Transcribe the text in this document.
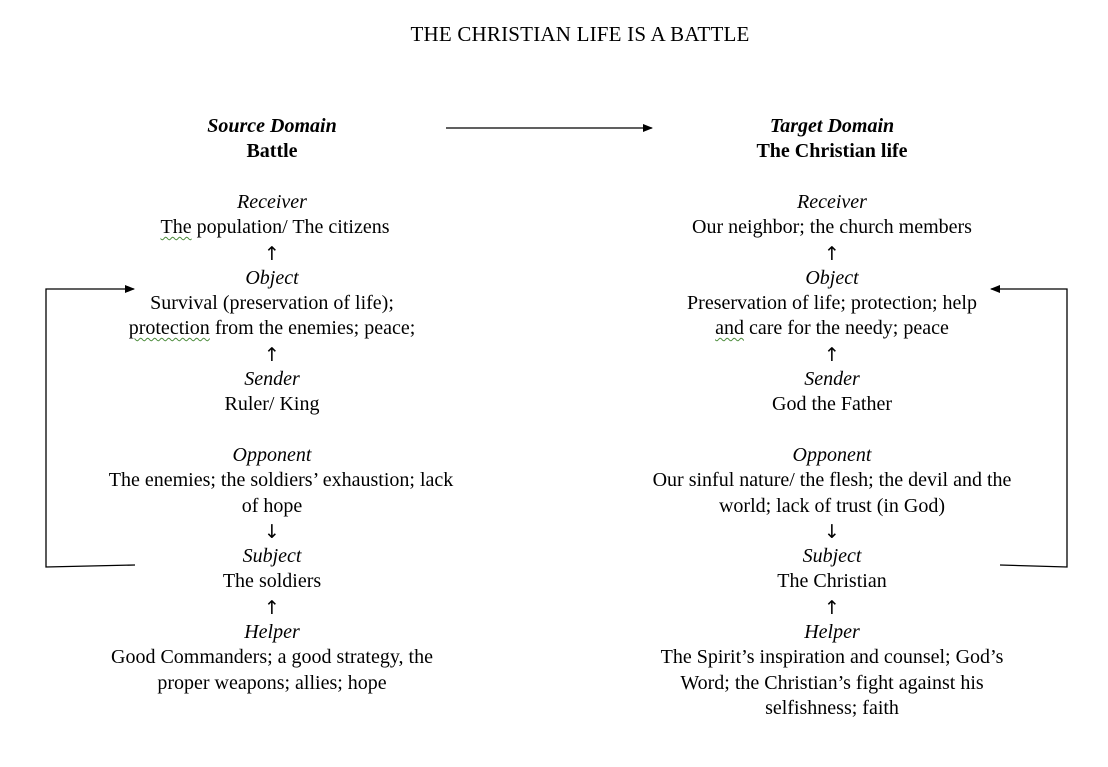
THE CHRISTIAN LIFE IS A BATTLE
Source Domain
Battle
Receiver
The population/ The citizens
↑
Object
Survival (preservation of life);
protection from the enemies; peace;
↑
Sender
Ruler/ King
Opponent
The enemies; the soldiers’ exhaustion; lack
of hope
↓
Subject
The soldiers
↑
Helper
Good Commanders; a good strategy, the
proper weapons; allies; hope
Target Domain
The Christian life
Receiver
Our neighbor; the church members
↑
Object
Preservation of life; protection; help
and care for the needy; peace
↑
Sender
God the Father
Opponent
Our sinful nature/ the flesh; the devil and the
world; lack of trust (in God)
↓
Subject
The Christian
↑
Helper
The Spirit’s inspiration and counsel; God’s
Word; the Christian’s fight against his
selfishness; faith
